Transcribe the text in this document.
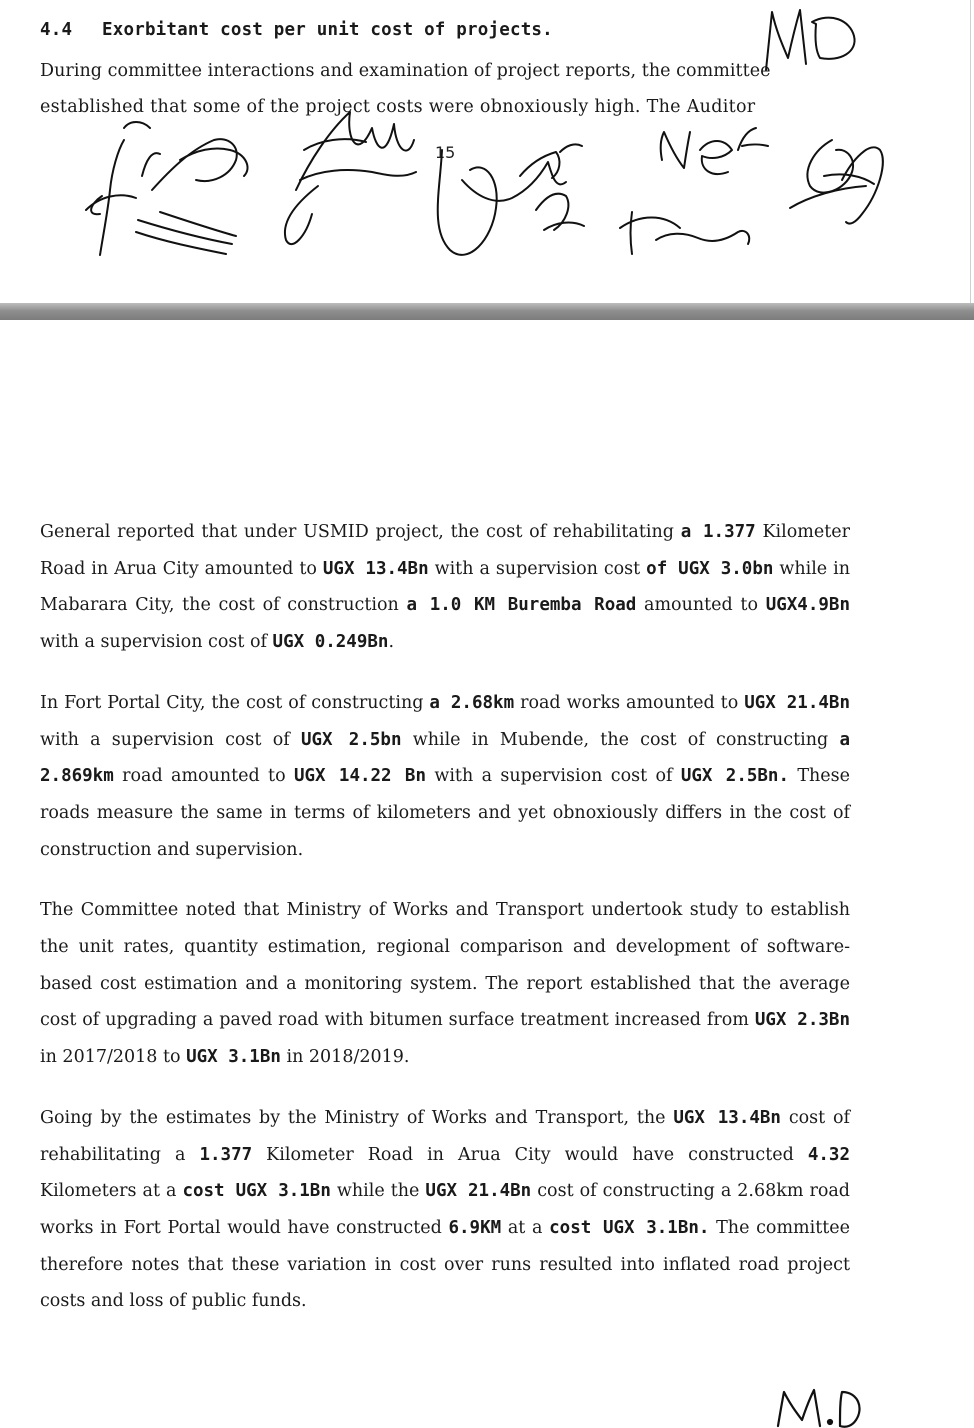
4.4 Exorbitant cost per unit cost of projects.

During committee interactions and examination of project reports, the committee

established that some of the project costs were obnoxiously high. The Auditor

15

General reported that under USMID project, the cost of rehabilitating a 1.377 Kilometer Road in Arua City amounted to UGX 13.4Bn with a supervision cost of UGX 3.0bn while in Mabarara City, the cost of construction a 1.0 KM Buremba Road amounted to UGX4.9Bn with a supervision cost of UGX 0.249Bn.

In Fort Portal City, the cost of constructing a 2.68km road works amounted to UGX 21.4Bn with a supervision cost of UGX 2.5bn while in Mubende, the cost of constructing a 2.869km road amounted to UGX 14.22 Bn with a supervision cost of UGX 2.5Bn. These roads measure the same in terms of kilometers and yet obnoxiously differs in the cost of construction and supervision.

The Committee noted that Ministry of Works and Transport undertook study to establish the unit rates, quantity estimation, regional comparison and development of software-based cost estimation and a monitoring system. The report established that the average cost of upgrading a paved road with bitumen surface treatment increased from UGX 2.3Bn in 2017/2018 to UGX 3.1Bn in 2018/2019.

Going by the estimates by the Ministry of Works and Transport, the UGX 13.4Bn cost of rehabilitating a 1.377 Kilometer Road in Arua City would have constructed 4.32 Kilometers at a cost UGX 3.1Bn while the UGX 21.4Bn cost of constructing a 2.68km road works in Fort Portal would have constructed 6.9KM at a cost UGX 3.1Bn. The committee therefore notes that these variation in cost over runs resulted into inflated road project costs and loss of public funds.
